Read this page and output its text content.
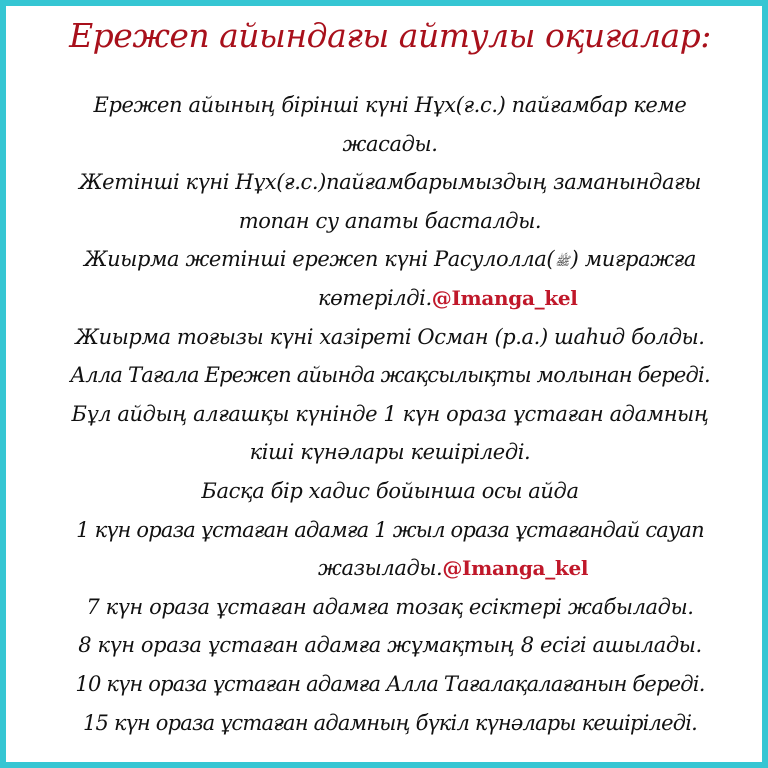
Ережеп айындағы айтулы оқиғалар:
Ережеп айының бірінші күні Нұх(ғ.с.) пайғамбар кеме
жасады.
Жетінші күні Нұх(ғ.с.)пайғамбарымыздың заманындағы
топан су апаты басталды.
Жиырма жетінші ережеп күні Расулолла(ﷺ) миғражға
көтерілді.@Imanga_kel
Жиырма тоғызы күні хазіреті Осман (р.а.) шаһид болды.
Алла Тағала Ережеп айында жақсылықты молынан береді.
Бұл айдың алғашқы күнінде 1 күн ораза ұстаған адамның
кіші күнәлары кешіріледі.
Басқа бір хадис бойынша осы айда
1 күн ораза ұстаған адамға 1 жыл ораза ұстағандай сауап
жазылады.@Imanga_kel
7 күн ораза ұстаған адамға тозақ есіктері жабылады.
8 күн ораза ұстаған адамға жұмақтың 8 есігі ашылады.
10 күн ораза ұстаған адамға Алла Тағалақалағанын береді.
15 күн ораза ұстаған адамның бүкіл күнәлары кешіріледі.
